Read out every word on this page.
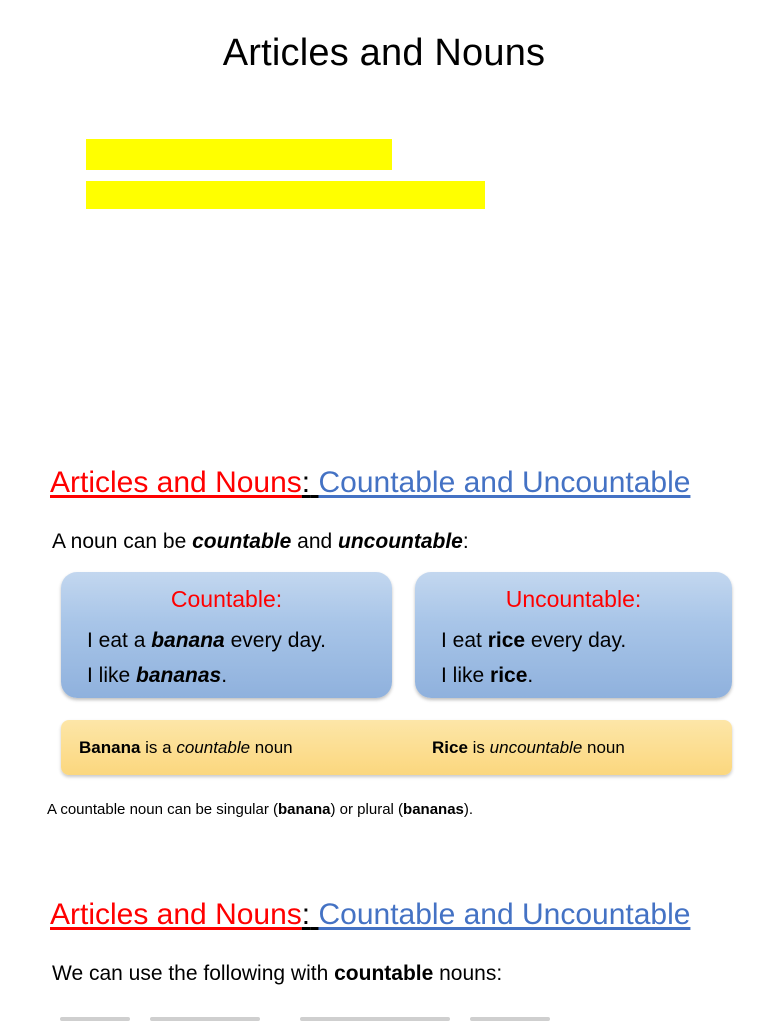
Articles and Nouns
Articles and Nouns: Countable and Uncountable
A noun can be countable and uncountable:
Countable:
I eat a banana every day.
I like bananas.
Uncountable:
I eat rice every day.
I like rice.
Banana is a countable noun	Rice is uncountable noun
A countable noun can be singular (banana) or plural (bananas).
Articles and Nouns: Countable and Uncountable
We can use the following with countable nouns:
